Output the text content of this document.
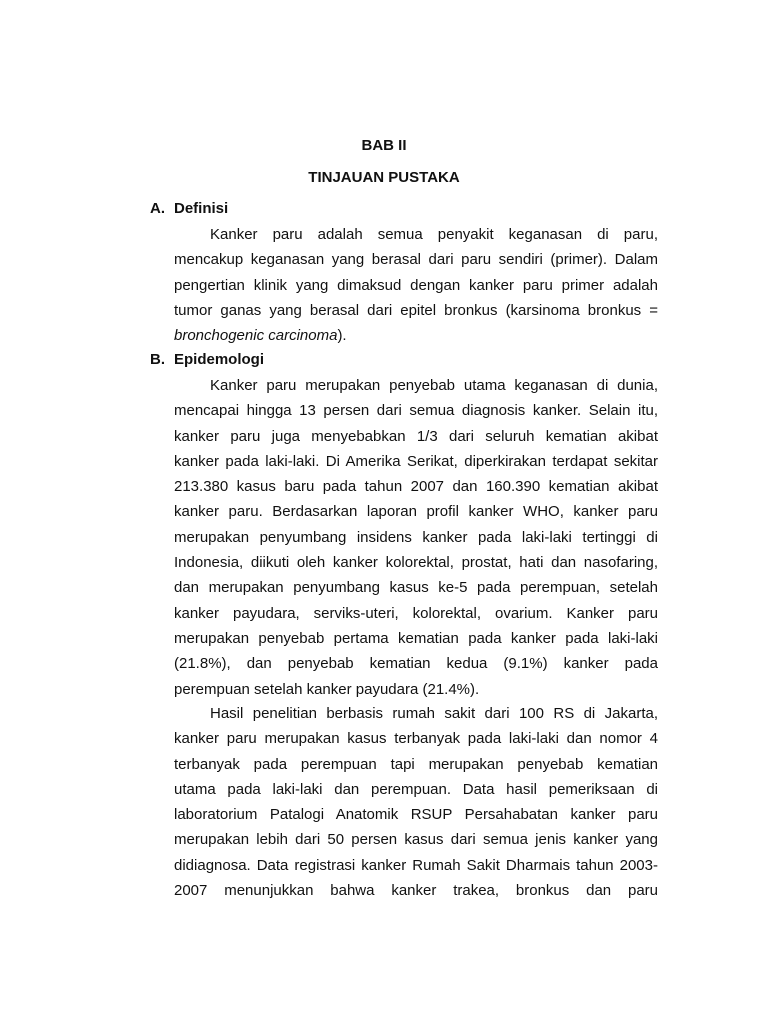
BAB II
TINJAUAN PUSTAKA
A. Definisi
Kanker paru adalah semua penyakit keganasan di paru,
mencakup keganasan yang berasal dari paru sendiri (primer). Dalam
pengertian klinik yang dimaksud dengan kanker paru primer adalah
tumor ganas yang berasal dari epitel bronkus (karsinoma bronkus =
bronchogenic carcinoma).
B. Epidemologi
Kanker paru merupakan penyebab utama keganasan di dunia,
mencapai hingga 13 persen dari semua diagnosis kanker. Selain itu,
kanker paru juga menyebabkan 1/3 dari seluruh kematian akibat
kanker pada laki-laki. Di Amerika Serikat, diperkirakan terdapat sekitar
213.380 kasus baru pada tahun 2007 dan 160.390 kematian akibat
kanker paru. Berdasarkan laporan profil kanker WHO, kanker paru
merupakan penyumbang insidens kanker pada laki-laki tertinggi di
Indonesia, diikuti oleh kanker kolorektal, prostat, hati dan nasofaring,
dan merupakan penyumbang kasus ke-5 pada perempuan, setelah
kanker payudara, serviks-uteri, kolorektal, ovarium. Kanker paru
merupakan penyebab pertama kematian pada kanker pada laki-laki
(21.8%), dan penyebab kematian kedua (9.1%) kanker pada
perempuan setelah kanker payudara (21.4%).
Hasil penelitian berbasis rumah sakit dari 100 RS di Jakarta,
kanker paru merupakan kasus terbanyak pada laki-laki dan nomor 4
terbanyak pada perempuan tapi merupakan penyebab kematian
utama pada laki-laki dan perempuan. Data hasil pemeriksaan di
laboratorium Patalogi Anatomik RSUP Persahabatan kanker paru
merupakan lebih dari 50 persen kasus dari semua jenis kanker yang
didiagnosa. Data registrasi kanker Rumah Sakit Dharmais tahun 2003-
2007 menunjukkan bahwa kanker trakea, bronkus dan paru
